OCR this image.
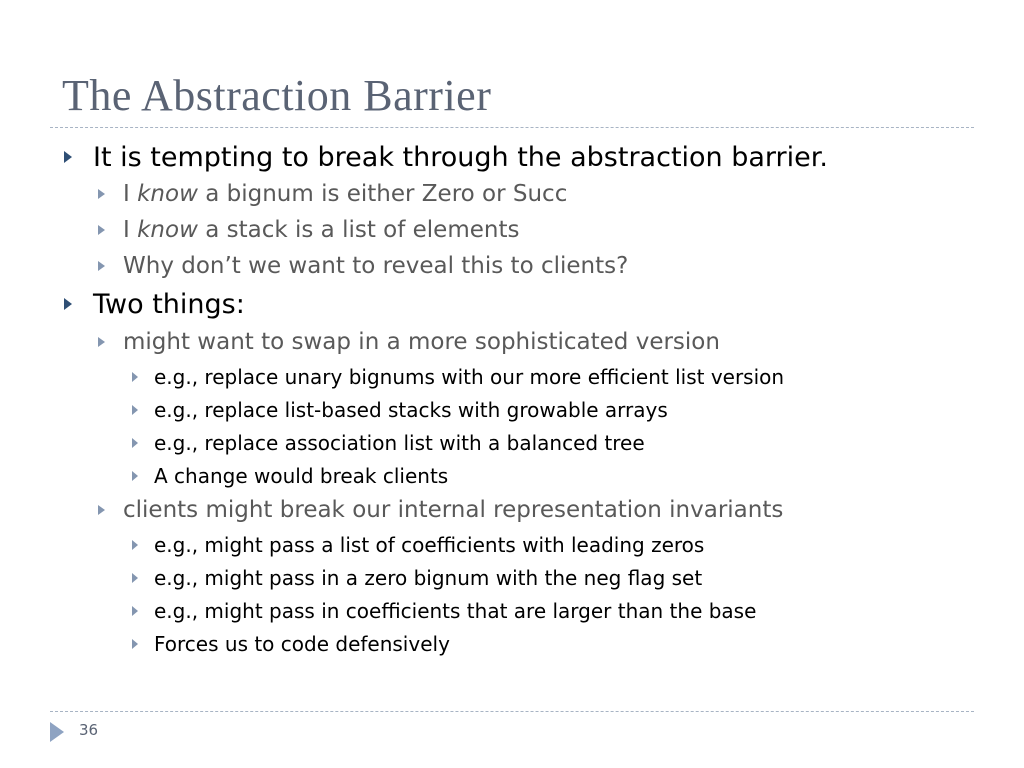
The Abstraction Barrier
It is tempting to break through the abstraction barrier.
I know a bignum is either Zero or Succ
I know a stack is a list of elements
Why don’t we want to reveal this to clients?
Two things:
might want to swap in a more sophisticated version
e.g., replace unary bignums with our more efficient list version
e.g., replace list-based stacks with growable arrays
e.g., replace association list with a balanced tree
A change would break clients
clients might break our internal representation invariants
e.g., might pass a list of coefficients with leading zeros
e.g., might pass in a zero bignum with the neg flag set
e.g., might pass in coefficients that are larger than the base
Forces us to code defensively
36
